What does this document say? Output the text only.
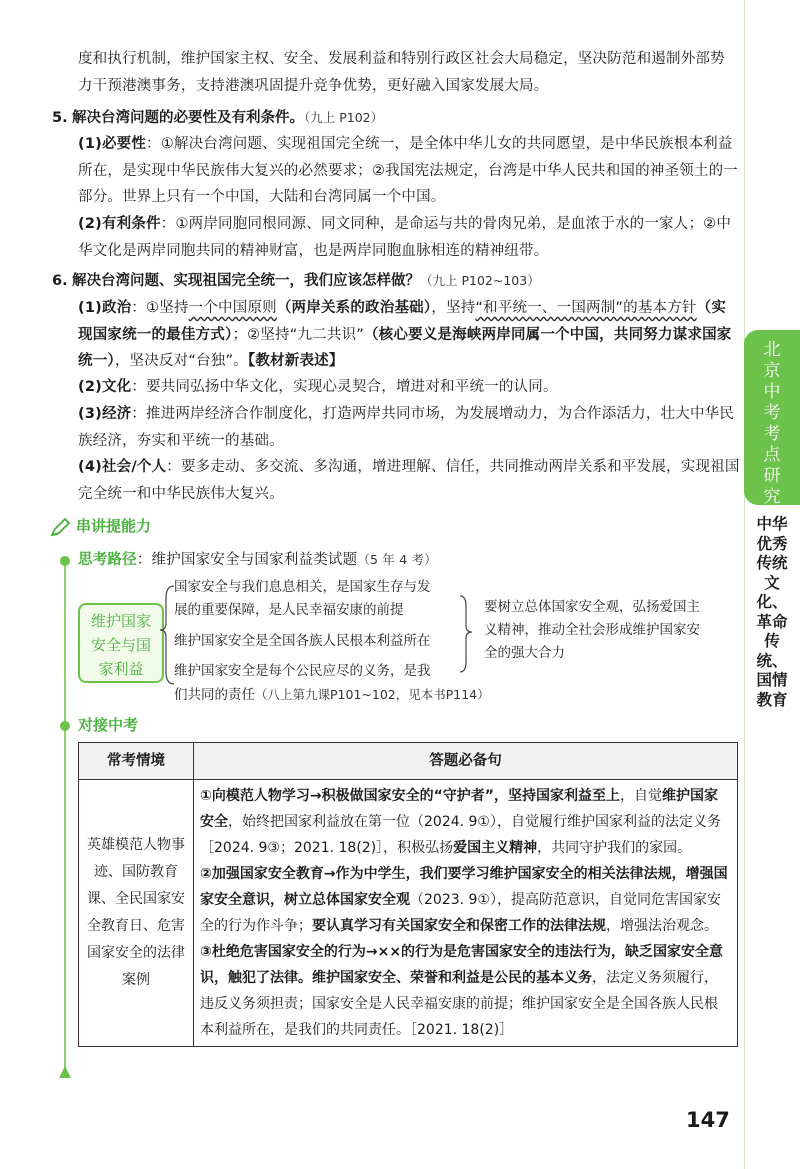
度和执行机制，维护国家主权、安全、发展利益和特别行政区社会大局稳定，坚决防范和遏制外部势
力干预港澳事务，支持港澳巩固提升竞争优势，更好融入国家发展大局。
5. 解决台湾问题的必要性及有利条件。（九上 P102）
(1)必要性：①解决台湾问题、实现祖国完全统一，是全体中华儿女的共同愿望，是中华民族根本利益所在，是实现中华民族伟大复兴的必然要求；②我国宪法规定，台湾是中华人民共和国的神圣领土的一部分。世界上只有一个中国，大陆和台湾同属一个中国。
(2)有利条件：①两岸同胞同根同源、同文同种，是命运与共的骨肉兄弟，是血浓于水的一家人；②中华文化是两岸同胞共同的精神财富，也是两岸同胞血脉相连的精神纽带。
6. 解决台湾问题、实现祖国完全统一，我们应该怎样做？（九上 P102~103）
(1)政治：①坚持一个中国原则（两岸关系的政治基础），坚持“和平统一、一国两制”的基本方针（实现国家统一的最佳方式）；②坚持“九二共识”（核心要义是海峡两岸同属一个中国，共同努力谋求国家统一），坚决反对“台独”。【教材新表述】
(2)文化：要共同弘扬中华文化，实现心灵契合，增进对和平统一的认同。
(3)经济：推进两岸经济合作制度化，打造两岸共同市场，为发展增动力，为合作添活力，壮大中华民族经济，夯实和平统一的基础。
(4)社会/个人：要多走动、多交流、多沟通，增进理解、信任，共同推动两岸关系和平发展，实现祖国完全统一和中华民族伟大复兴。
串讲提能力
思考路径：维护国家安全与国家利益类试题（5 年 4 考）
维护国家
安全与国
家利益
国家安全与我们息息相关，是国家生存与发
展的重要保障，是人民幸福安康的前提
维护国家安全是全国各族人民根本利益所在
维护国家安全是每个公民应尽的义务，是我
们共同的责任（八上第九课P101~102，见本书P114）
要树立总体国家安全观，弘扬爱国主
义精神，推动全社会形成维护国家安
全的强大合力
对接中考
常考情境	答题必备句
英雄模范人物事迹、国防教育课、全民国家安全教育日、危害国家安全的法律案例	①向模范人物学习→积极做国家安全的“守护者”，坚持国家利益至上，自觉维护国家安全，始终把国家利益放在第一位（2024. 9①），自觉履行维护国家利益的法定义务［2024. 9③；2021. 18(2)］，积极弘扬爱国主义精神，共同守护我们的家园。
②加强国家安全教育→作为中学生，我们要学习维护国家安全的相关法律法规，增强国家安全意识，树立总体国家安全观（2023. 9①），提高防范意识，自觉同危害国家安全的行为作斗争；要认真学习有关国家安全和保密工作的法律法规，增强法治观念。
③杜绝危害国家安全的行为→××的行为是危害国家安全的违法行为，缺乏国家安全意识，触犯了法律。维护国家安全、荣誉和利益是公民的基本义务，法定义务须履行，违反义务须担责；国家安全是人民幸福安康的前提；维护国家安全是全国各族人民根本利益所在，是我们的共同责任。［2021. 18(2)］
北京中考考点研究
中华优秀传统文化、革命传统、国情教育
147
